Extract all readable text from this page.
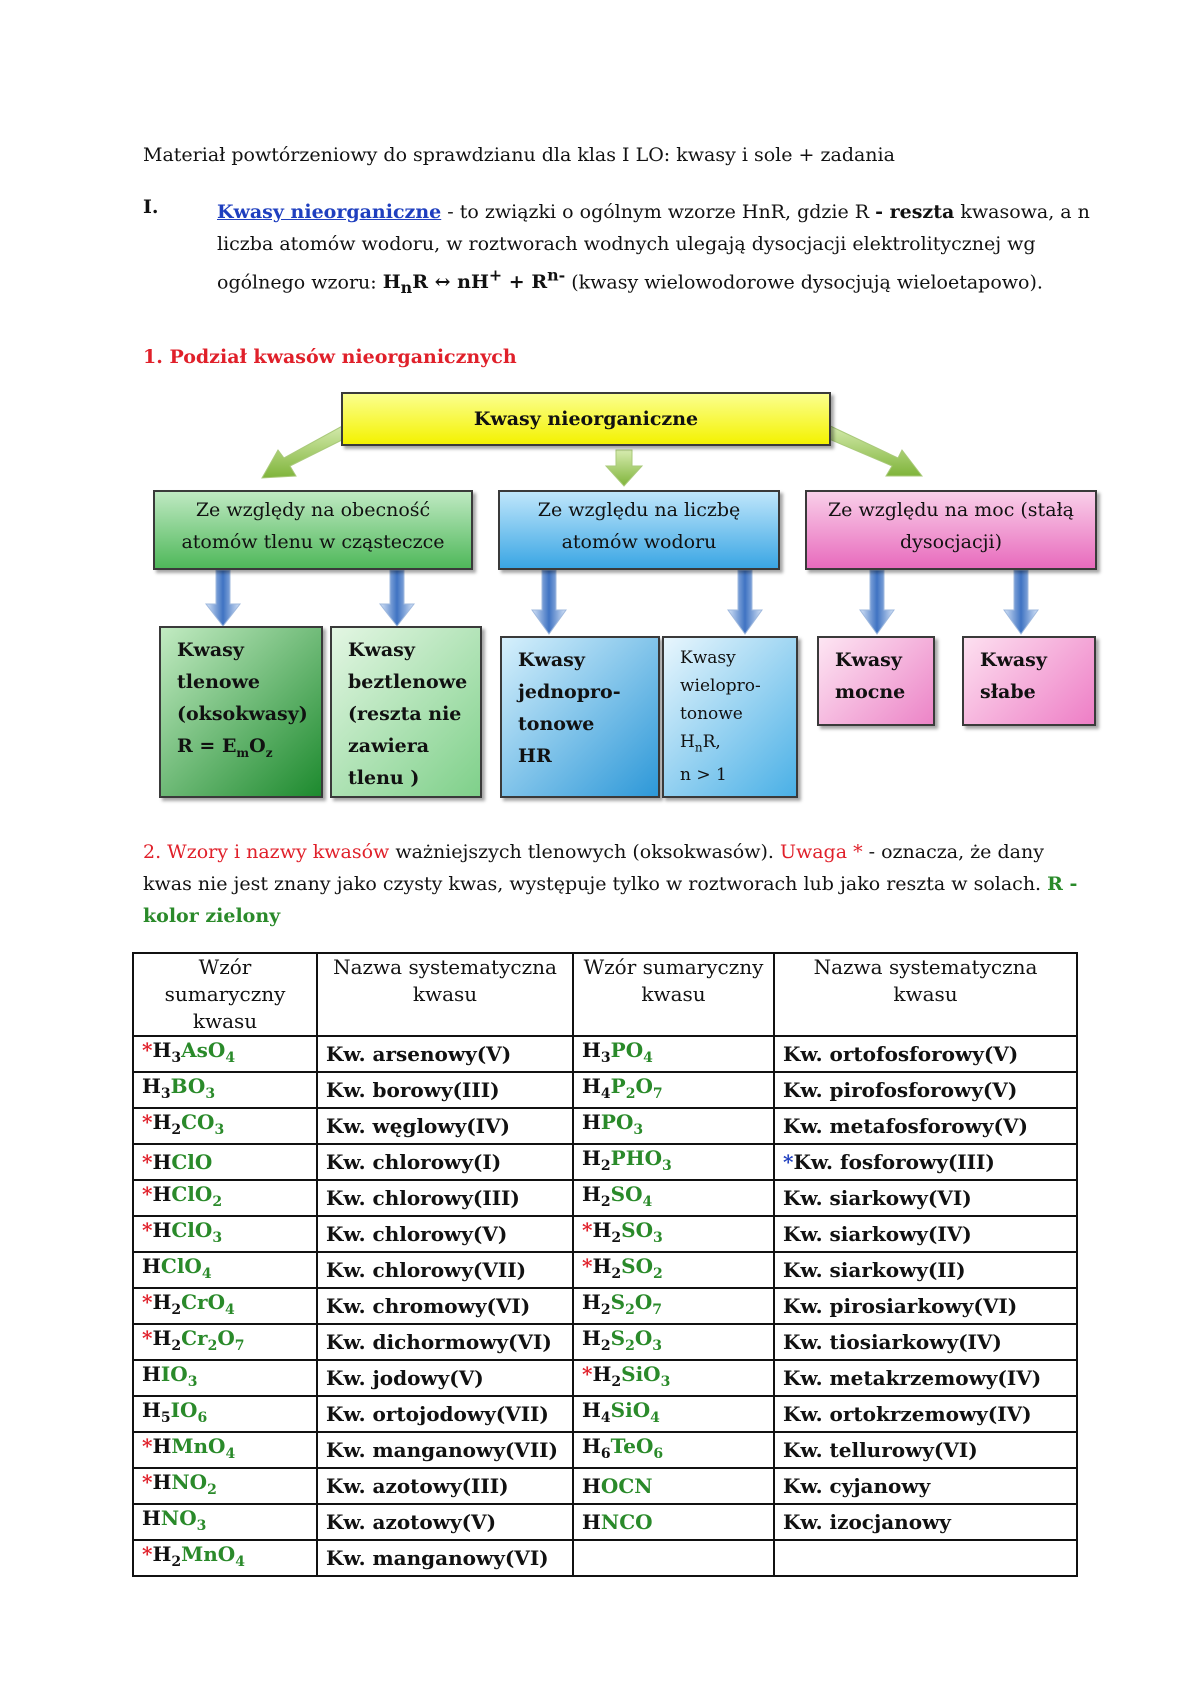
Materiał powtórzeniowy do sprawdzianu dla klas I LO: kwasy i sole + zadania
I.	Kwasy nieorganiczne - to związki o ogólnym wzorze HnR, gdzie R - reszta kwasowa, a n liczba atomów wodoru, w roztworach wodnych ulegają dysocjacji elektrolitycznej wg ogólnego wzoru: $H_nR$ ↔ $nH^+ + R^{n-}$ (kwasy wielowodorowe dysocjują wieloetapowo).
1. Podział kwasów nieorganicznych
Kwasy nieorganiczne
Ze względy na obecność atomów tlenu w cząsteczce
Ze względu na liczbę atomów wodoru
Ze względu na moc (stałą dysocjacji)
Kwasy
tlenowe
(oksokwasy)
$R = E_mO_z$
Kwasy
beztlenowe
(reszta nie
zawiera
tlenu )
Kwasy
jednopro-
tonowe
HR
Kwasy
wielopro-
tonowe
$H_nR$,
n > 1
Kwasy
mocne
Kwasy
słabe
2. Wzory i nazwy kwasów ważniejszych tlenowych (oksokwasów). Uwaga * - oznacza, że dany kwas nie jest znany jako czysty kwas, występuje tylko w roztworach lub jako reszta w solach. R - kolor zielony
Wzór sumaryczny kwasu	Nazwa systematyczna kwasu	Wzór sumaryczny kwasu	Nazwa systematyczna kwasu
$*H_3AsO_4$	Kw. arsenowy(V)	$H_3PO_4$	Kw. ortofosforowy(V)
$H_3BO_3$	Kw. borowy(III)	$H_4P_2O_7$	Kw. pirofosforowy(V)
$*H_2CO_3$	Kw. węglowy(IV)	$HPO_3$	Kw. metafosforowy(V)
*HClO	Kw. chlorowy(I)	$H_2PHO_3$	*Kw. fosforowy(III)
*HClO$_2$	Kw. chlorowy(III)	$H_2SO_4$	Kw. siarkowy(VI)
*HClO$_3$	Kw. chlorowy(V)	$*H_2SO_3$	Kw. siarkowy(IV)
HClO$_4$	Kw. chlorowy(VII)	$*H_2SO_2$	Kw. siarkowy(II)
$*H_2CrO_4$	Kw. chromowy(VI)	$H_2S_2O_7$	Kw. pirosiarkowy(VI)
$*H_2Cr_2O_7$	Kw. dichormowy(VI)	$H_2S_2O_3$	Kw. tiosiarkowy(IV)
$HIO_3$	Kw. jodowy(V)	$*H_2SiO_3$	Kw. metakrzemowy(IV)
$H_5IO_6$	Kw. ortojodowy(VII)	$H_4SiO_4$	Kw. ortokrzemowy(IV)
*HMnO$_4$	Kw. manganowy(VII)	$H_6TeO_6$	Kw. tellurowy(VI)
$*HNO_2$	Kw. azotowy(III)	HOCN	Kw. cyjanowy
$HNO_3$	Kw. azotowy(V)	HNCO	Kw. izocjanowy
$*H_2MnO_4$	Kw. manganowy(VI)		
